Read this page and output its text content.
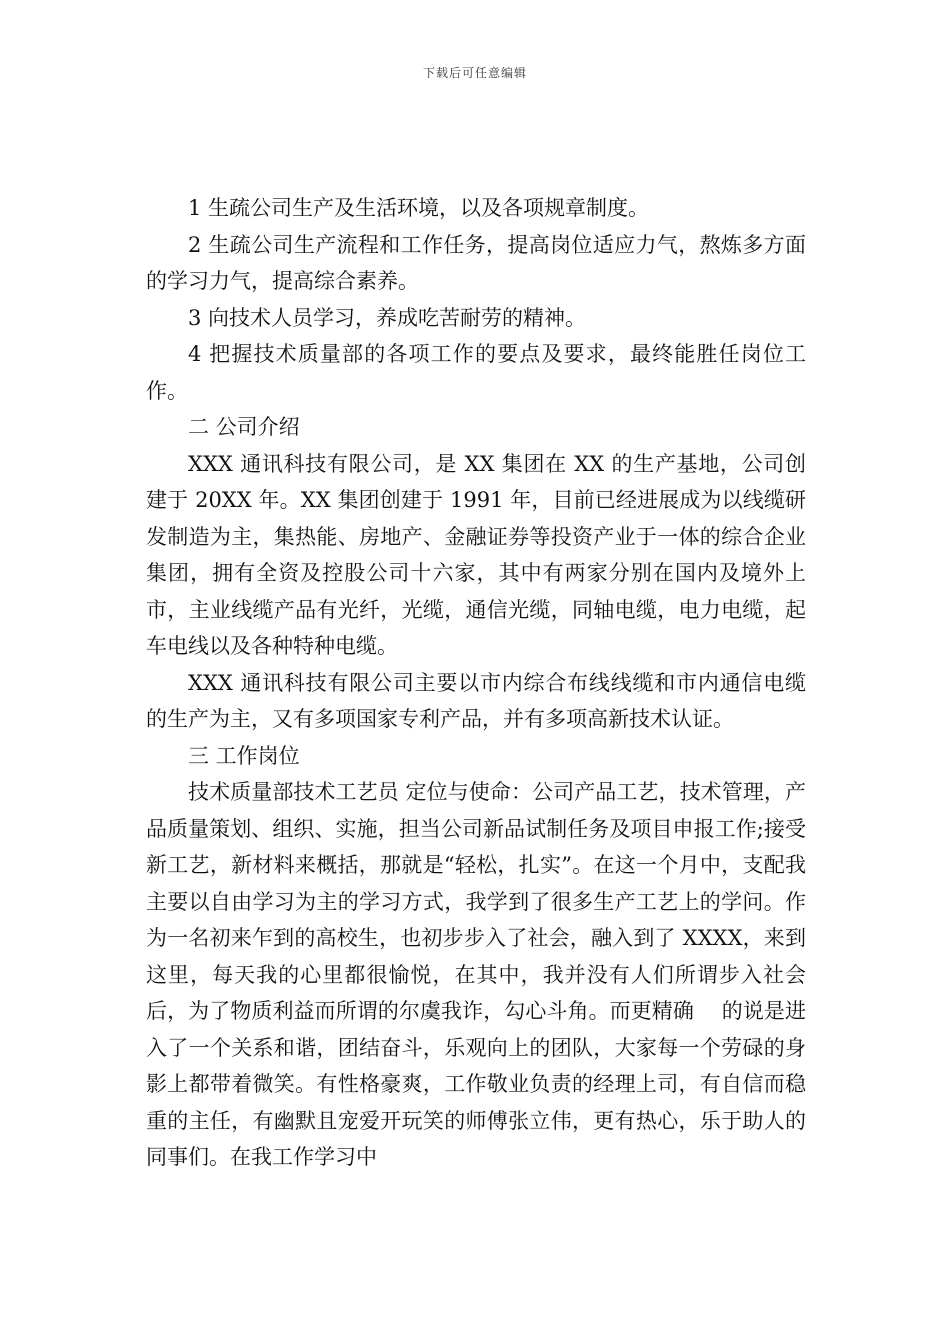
下载后可任意编辑

1 生疏公司生产及生活环境，以及各项规章制度。

2 生疏公司生产流程和工作任务，提高岗位适应力气，熬炼多方面的学习力气，提高综合素养。

3 向技术人员学习，养成吃苦耐劳的精神。

4 把握技术质量部的各项工作的要点及要求，最终能胜任岗位工作。

二 公司介绍

XXX 通讯科技有限公司，是 XX 集团在 XX 的生产基地，公司创建于 20XX 年。XX 集团创建于 1991 年，目前已经进展成为以线缆研发制造为主，集热能、房地产、金融证券等投资产业于一体的综合企业集团，拥有全资及控股公司十六家，其中有两家分别在国内及境外上市，主业线缆产品有光纤，光缆，通信光缆，同轴电缆，电力电缆，起车电线以及各种特种电缆。

XXX 通讯科技有限公司主要以市内综合布线线缆和市内通信电缆的生产为主，又有多项国家专利产品，并有多项高新技术认证。

三 工作岗位

技术质量部技术工艺员 定位与使命：公司产品工艺，技术管理，产品质量策划、组织、实施，担当公司新品试制任务及项目申报工作;接受新工艺，新材料来概括，那就是“轻松，扎实”。在这一个月中，支配我主要以自由学习为主的学习方式，我学到了很多生产工艺上的学问。作为一名初来乍到的高校生，也初步步入了社会，融入到了 XXXX，来到这里，每天我的心里都很愉悦，在其中，我并没有人们所谓步入社会后，为了物质利益而所谓的尔虞我诈，勾心斗角。而更精确　 的说是进入了一个关系和谐，团结奋斗，乐观向上的团队，大家每一个劳碌的身影上都带着微笑。有性格豪爽，工作敬业负责的经理上司，有自信而稳重的主任，有幽默且宠爱开玩笑的师傅张立伟，更有热心，乐于助人的同事们。在我工作学习中
